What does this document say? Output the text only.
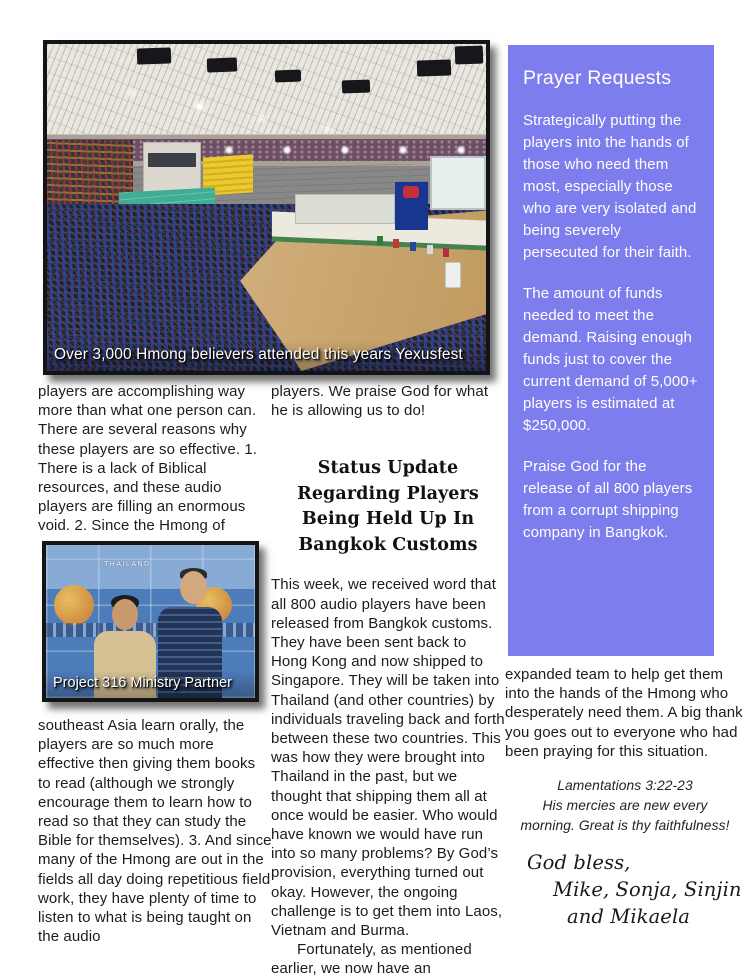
Over 3,000 Hmong believers attended this years Yexusfest
Prayer Requests

Strategically putting the players into the hands of those who need them most, especially those who are very isolated and being severely persecuted for their faith.

The amount of funds needed to meet the demand. Raising enough funds just to cover the current demand of 5,000+ players is estimated at $250,000.

Praise God for the release of all 800 players from a corrupt shipping company in Bangkok.

players are accomplishing way more than what one person can. There are several reasons why these players are so effective. 1. There is a lack of Biblical resources, and these audio players are filling an enormous void. 2. Since the Hmong of
THAILAND
Project 316 Ministry Partner
southeast Asia learn orally, the players are so much more effective then giving them books to read (although we strongly encourage them to learn how to read so that they can study the Bible for themselves). 3. And since many of the Hmong are out in the fields all day doing repetitious field work, they have plenty of time to listen to what is being taught on the audio

players. We praise God for what he is allowing us to do!

Status Update Regarding Players Being Held Up In Bangkok Customs

This week, we received word that all 800 audio players have been released from Bangkok customs. They have been sent back to Hong Kong and now shipped to Singapore. They will be taken into Thailand (and other countries) by individuals traveling back and forth between these two countries. This was how they were brought into Thailand in the past, but we thought that shipping them all at once would be easier. Who would have known we would have run into so many problems? By God’s provision, everything turned out okay. However, the ongoing challenge is to get them into Laos, Vietnam and Burma.

Fortunately, as mentioned earlier, we now have an

expanded team to help get them into the hands of the Hmong who desperately need them. A big thank you goes out to everyone who had been praying for this situation.

Lamentations 3:22-23
His mercies are new every
morning. Great is thy faithfulness!
God bless,
Mike, Sonja, Sinjin
and Mikaela
